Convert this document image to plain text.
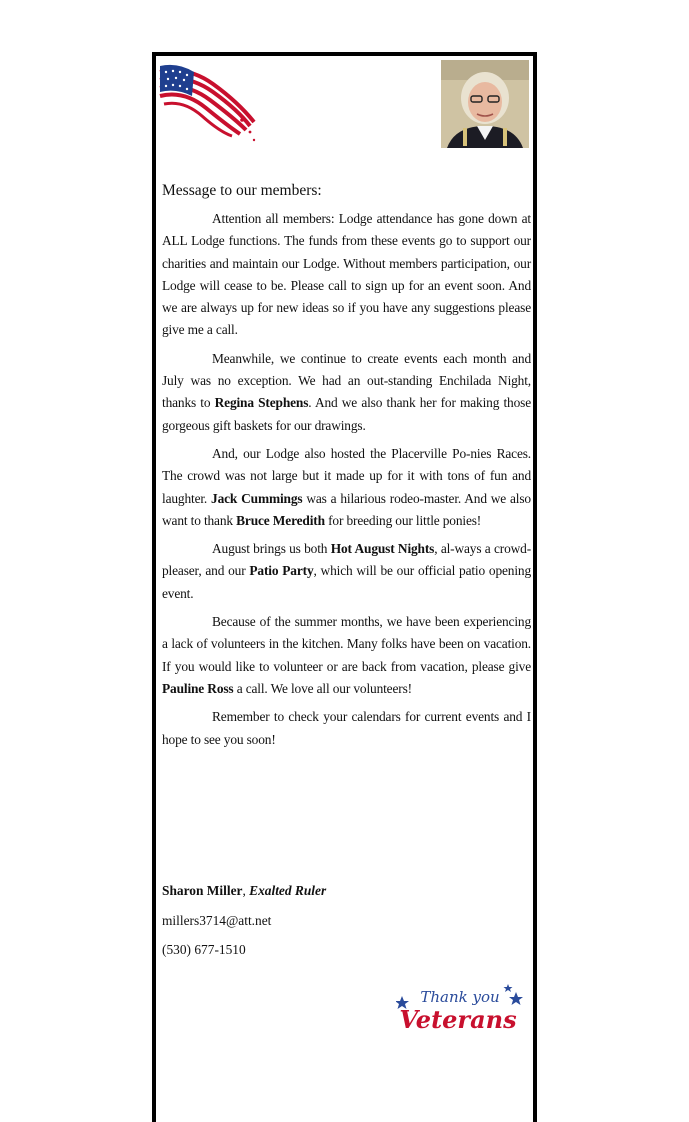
Message to our members:
Attention all members: Lodge attendance has gone down at ALL Lodge functions. The funds from these events go to support our charities and maintain our Lodge. Without members participation, our Lodge will cease to be. Please call to sign up for an event soon. And we are always up for new ideas so if you have any suggestions please give me a call.
Meanwhile, we continue to create events each month and July was no exception. We had an out-standing Enchilada Night, thanks to Regina Stephens. And we also thank her for making those gorgeous gift baskets for our drawings.
And, our Lodge also hosted the Placerville Po-nies Races. The crowd was not large but it made up for it with tons of fun and laughter. Jack Cummings was a hilarious rodeo-master. And we also want to thank Bruce Meredith for breeding our little ponies!
August brings us both Hot August Nights, al-ways a crowd-pleaser, and our Patio Party, which will be our official patio opening event.
Because of the summer months, we have been experiencing a lack of volunteers in the kitchen. Many folks have been on vacation. If you would like to volunteer or are back from vacation, please give Pauline Ross a call. We love all our volunteers!
Remember to check your calendars for current events and I hope to see you soon!
Sharon Miller, Exalted Ruler
millers3714@att.net
(530) 677-1510
Thank you
Veterans
